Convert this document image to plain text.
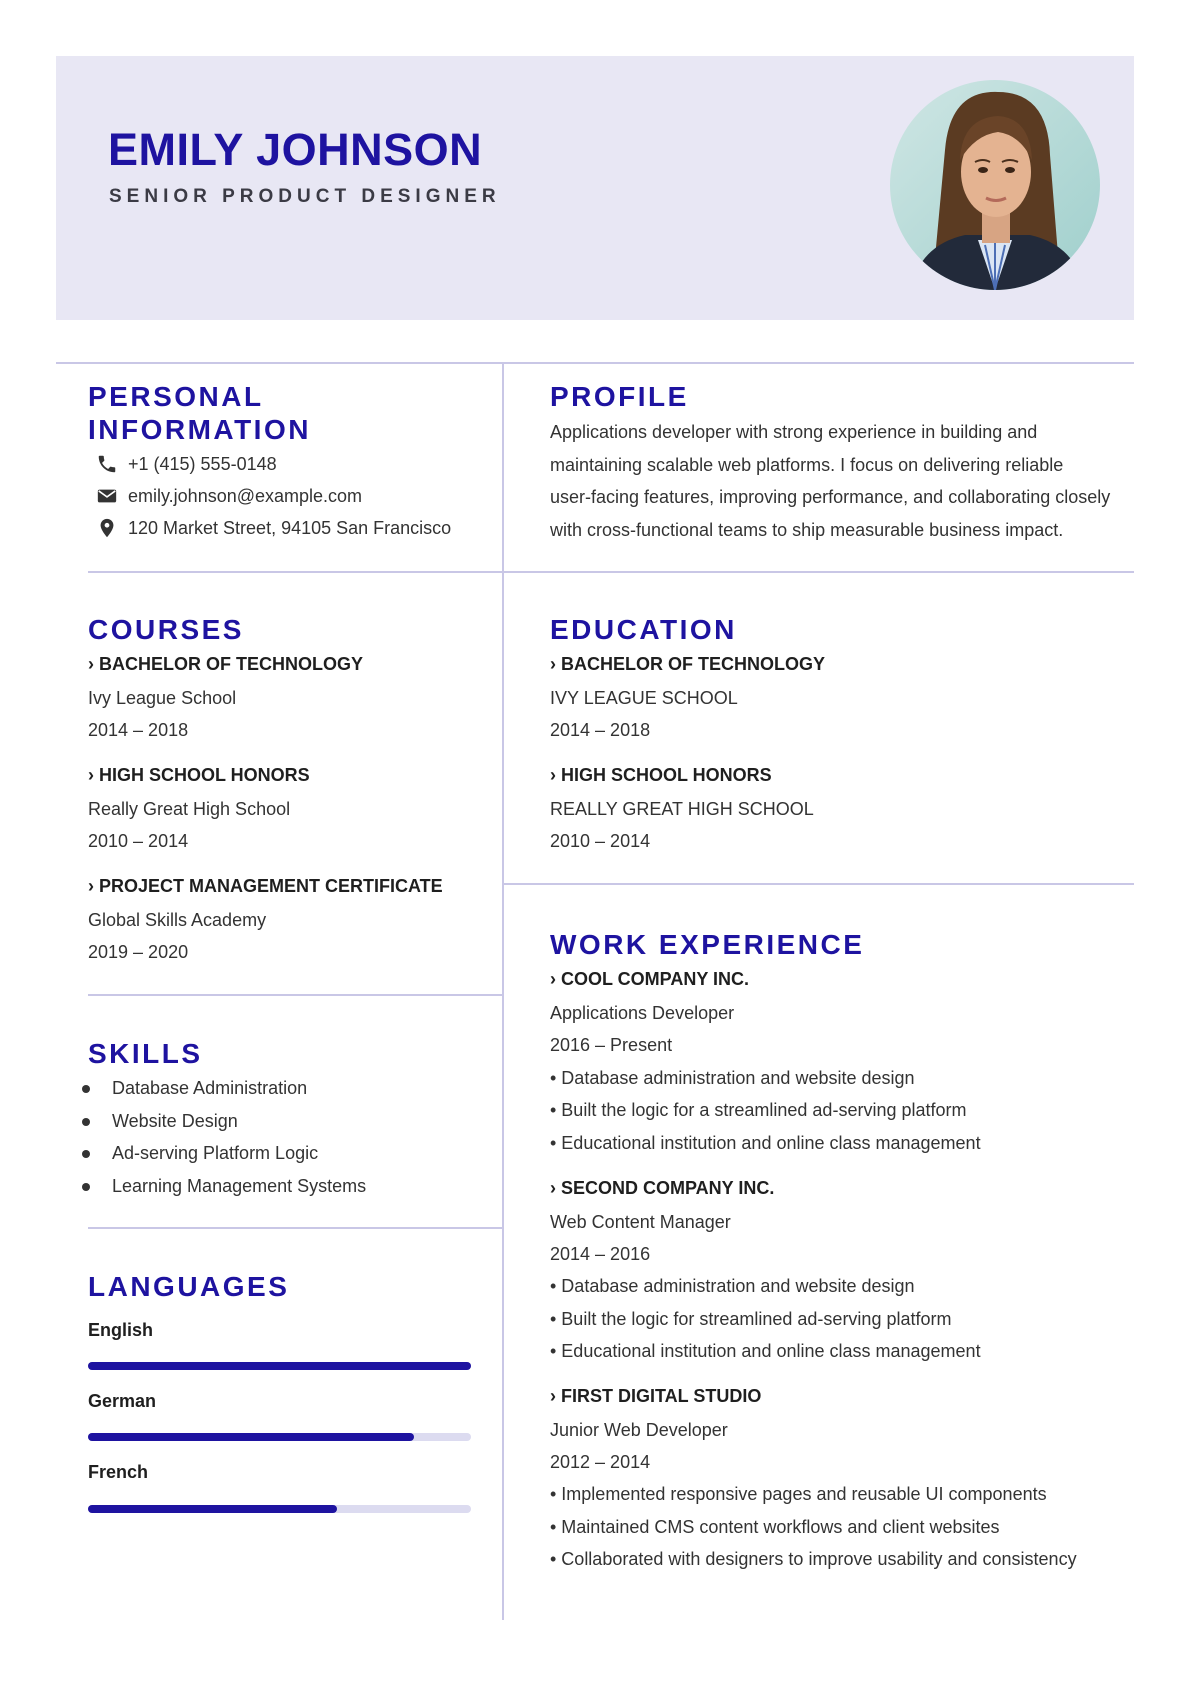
EMILY JOHNSON
SENIOR PRODUCT DESIGNER
PERSONAL
INFORMATION
+1 (415) 555-0148
emily.johnson@example.com
120 Market Street, 94105 San Francisco
PROFILE
Applications developer with strong experience in building and
maintaining scalable web platforms. I focus on delivering reliable
user-facing features, improving performance, and collaborating closely
with cross-functional teams to ship measurable business impact.
COURSES
› BACHELOR OF TECHNOLOGY
Ivy League School
2014 – 2018
› HIGH SCHOOL HONORS
Really Great High School
2010 – 2014
› PROJECT MANAGEMENT CERTIFICATE
Global Skills Academy
2019 – 2020
EDUCATION
› BACHELOR OF TECHNOLOGY
IVY LEAGUE SCHOOL
2014 – 2018
› HIGH SCHOOL HONORS
REALLY GREAT HIGH SCHOOL
2010 – 2014
SKILLS
Database Administration
Website Design
Ad-serving Platform Logic
Learning Management Systems
LANGUAGES
English
German
French
WORK EXPERIENCE
› COOL COMPANY INC.
Applications Developer
2016 – Present
• Database administration and website design
• Built the logic for a streamlined ad-serving platform
• Educational institution and online class management
› SECOND COMPANY INC.
Web Content Manager
2014 – 2016
• Database administration and website design
• Built the logic for streamlined ad-serving platform
• Educational institution and online class management
› FIRST DIGITAL STUDIO
Junior Web Developer
2012 – 2014
• Implemented responsive pages and reusable UI components
• Maintained CMS content workflows and client websites
• Collaborated with designers to improve usability and consistency
